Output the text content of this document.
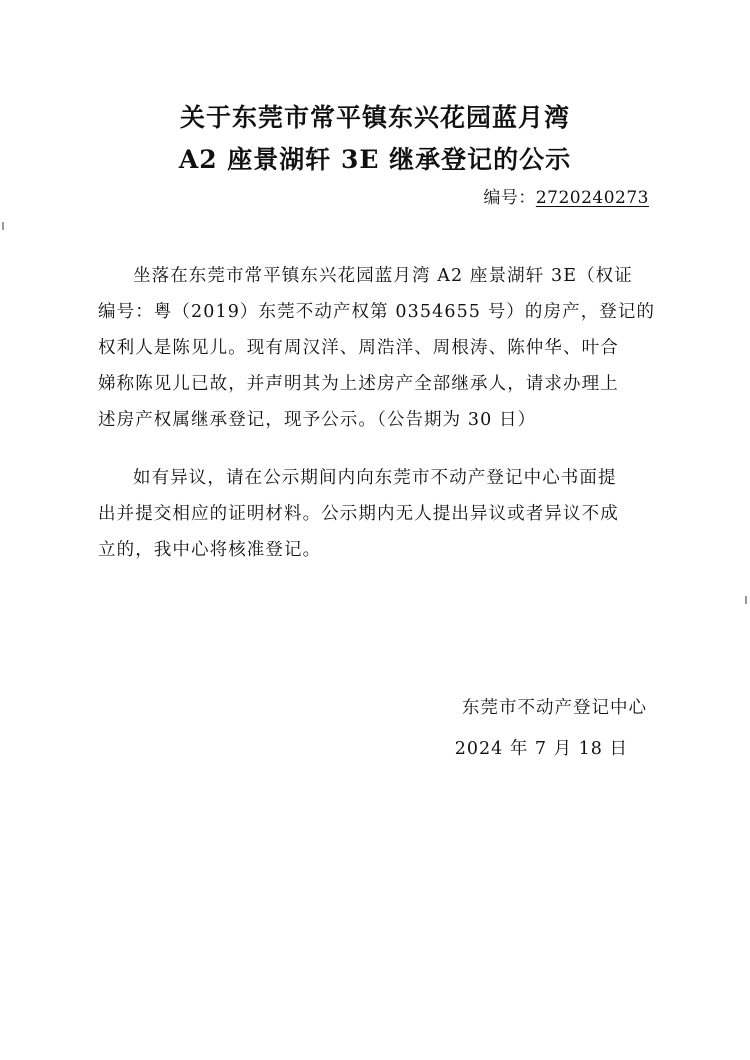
关于东莞市常平镇东兴花园蓝月湾
A2 座景湖轩 3E 继承登记的公示
编号：2720240273

坐落在东莞市常平镇东兴花园蓝月湾 A2 座景湖轩 3E（权证
编号：粤（2019）东莞不动产权第 0354655 号）的房产，登记的
权利人是陈见儿。现有周汉洋、周浩洋、周根涛、陈仲华、叶合
娣称陈见儿已故，并声明其为上述房产全部继承人，请求办理上
述房产权属继承登记，现予公示。（公告期为 30 日）

如有异议，请在公示期间内向东莞市不动产登记中心书面提
出并提交相应的证明材料。公示期内无人提出异议或者异议不成
立的，我中心将核准登记。

东莞市不动产登记中心
2024 年 7 月 18 日
